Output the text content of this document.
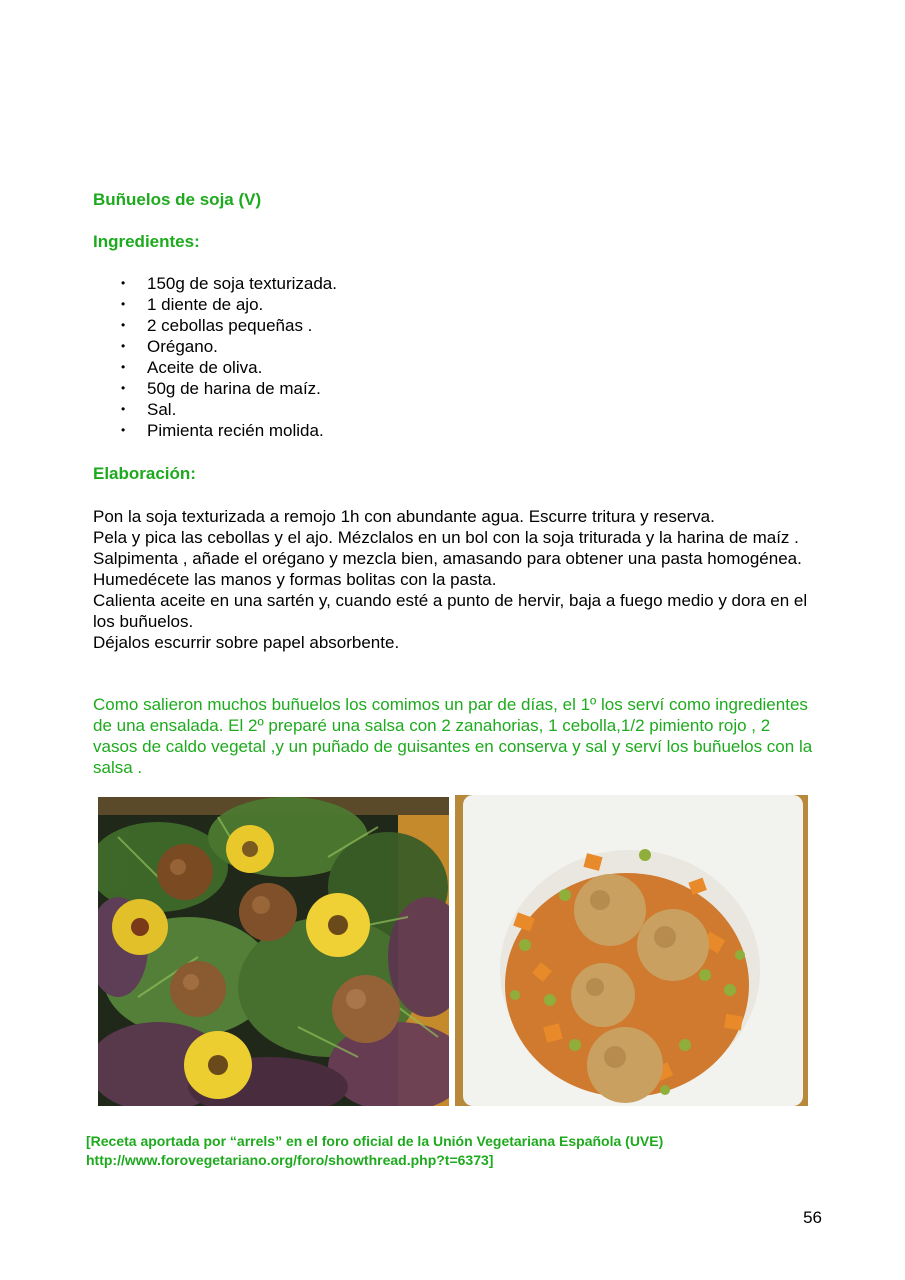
Buñuelos de soja (V)
Ingredientes:
• 150g de soja texturizada.
• 1 diente de ajo.
• 2 cebollas pequeñas .
• Orégano.
• Aceite de oliva.
• 50g de harina de maíz.
• Sal.
• Pimienta recién molida.
Elaboración:

Pon la soja texturizada a remojo 1h con abundante agua. Escurre tritura y reserva.

Pela y pica las cebollas y el ajo. Mézclalos en un bol con la soja triturada y la harina de maíz . Salpimenta , añade el orégano y mezcla bien, amasando para obtener una pasta homogénea.

Humedécete las manos y formas bolitas con la pasta.

Calienta aceite en una sartén y, cuando esté a punto de hervir, baja a fuego medio y dora en el los buñuelos.

Déjalos escurrir sobre papel absorbente.

Como salieron muchos buñuelos los comimos un par de días, el 1º los serví como ingredientes de una ensalada. El 2º preparé una salsa con 2 zanahorias, 1 cebolla,1/2 pimiento rojo , 2 vasos de caldo vegetal ,y un puñado de guisantes en conserva y sal y serví los buñuelos con la salsa .

[Receta aportada por “arrels” en el foro oficial de la Unión Vegetariana Española (UVE)
http://www.forovegetariano.org/foro/showthread.php?t=6373]

56
